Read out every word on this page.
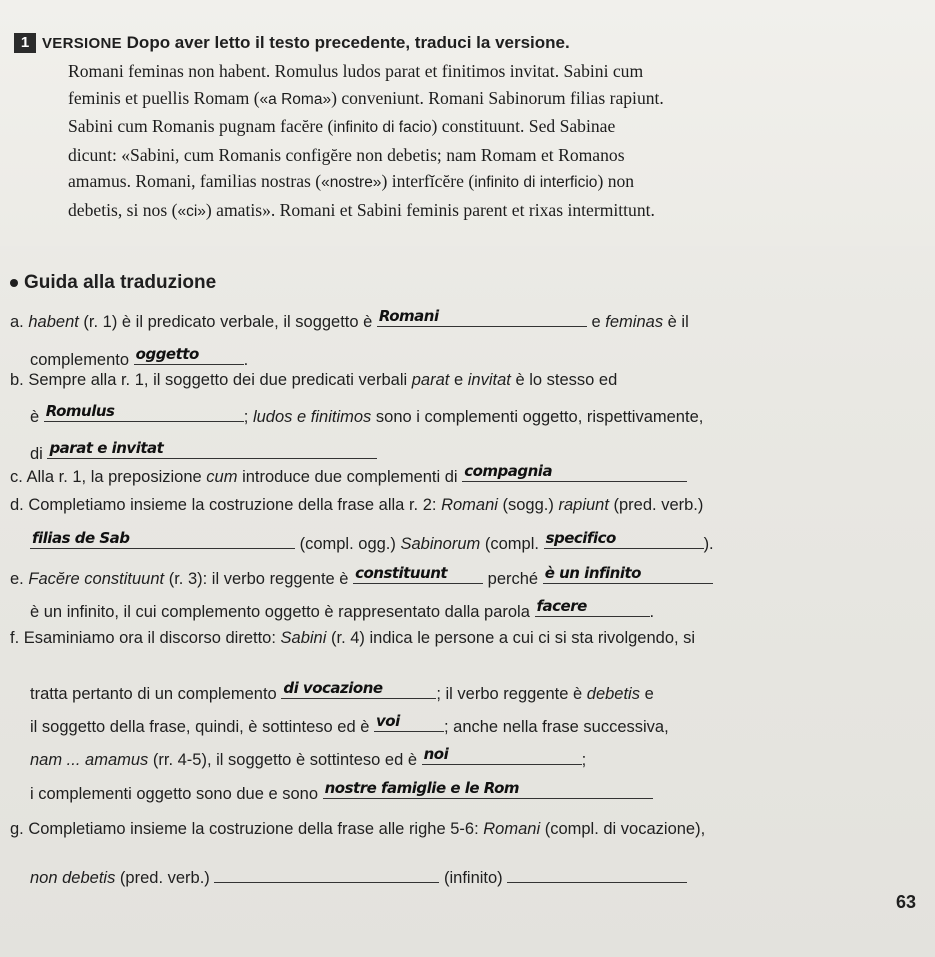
1 VERSIONE Dopo aver letto il testo precedente, traduci la versione.

Romani feminas non habent. Romulus ludos parat et finitimos invitat. Sabini cum

feminis et puellis Romam («a Roma») conveniunt. Romani Sabinorum filias rapiunt.

Sabini cum Romanis pugnam facĕre (infinito di facio) constituunt. Sed Sabinae

dicunt: «Sabini, cum Romanis configĕre non debetis; nam Romam et Romanos

amamus. Romani, familias nostras («nostre») interfĭcĕre (infinito di interficio) non

debetis, si nos («ci») amatis». Romani et Sabini feminis parent et rixas intermittunt.

Guida alla traduzione
a. habent (r. 1) è il predicato verbale, il soggetto è Romani	e feminas è il
complemento oggetto	.
b. Sempre alla r. 1, il soggetto dei due predicati verbali parat e invitat è lo stesso ed
è Romulus	; ludos e finitimos sono i complementi oggetto, rispettivamente,
di parat e invitat
c. Alla r. 1, la preposizione cum introduce due complementi di compagnia
d. Completiamo insieme la costruzione della frase alla r. 2: Romani (sogg.) rapiunt (pred. verb.)
filias de Sab	(compl. ogg.) Sabinorum (compl. specifico	).
e. Facĕre constituunt (r. 3): il verbo reggente è constituunt perché è un infinito
è un infinito, il cui complemento oggetto è rappresentato dalla parola facere	.
f. Esaminiamo ora il discorso diretto: Sabini (r. 4) indica le persone a cui ci si sta rivolgendo, si
tratta pertanto di un complemento di vocazione	; il verbo reggente è debetis e
il soggetto della frase, quindi, è sottinteso ed è voi	; anche nella frase successiva,
nam ... amamus (rr. 4-5), il soggetto è sottinteso ed è noi	;
i complementi oggetto sono due e sono nostre famiglie e le Rom
g. Completiamo insieme la costruzione della frase alle righe 5-6: Romani (compl. di vocazione),
non debetis (pred. verb.)	(infinito)
63
